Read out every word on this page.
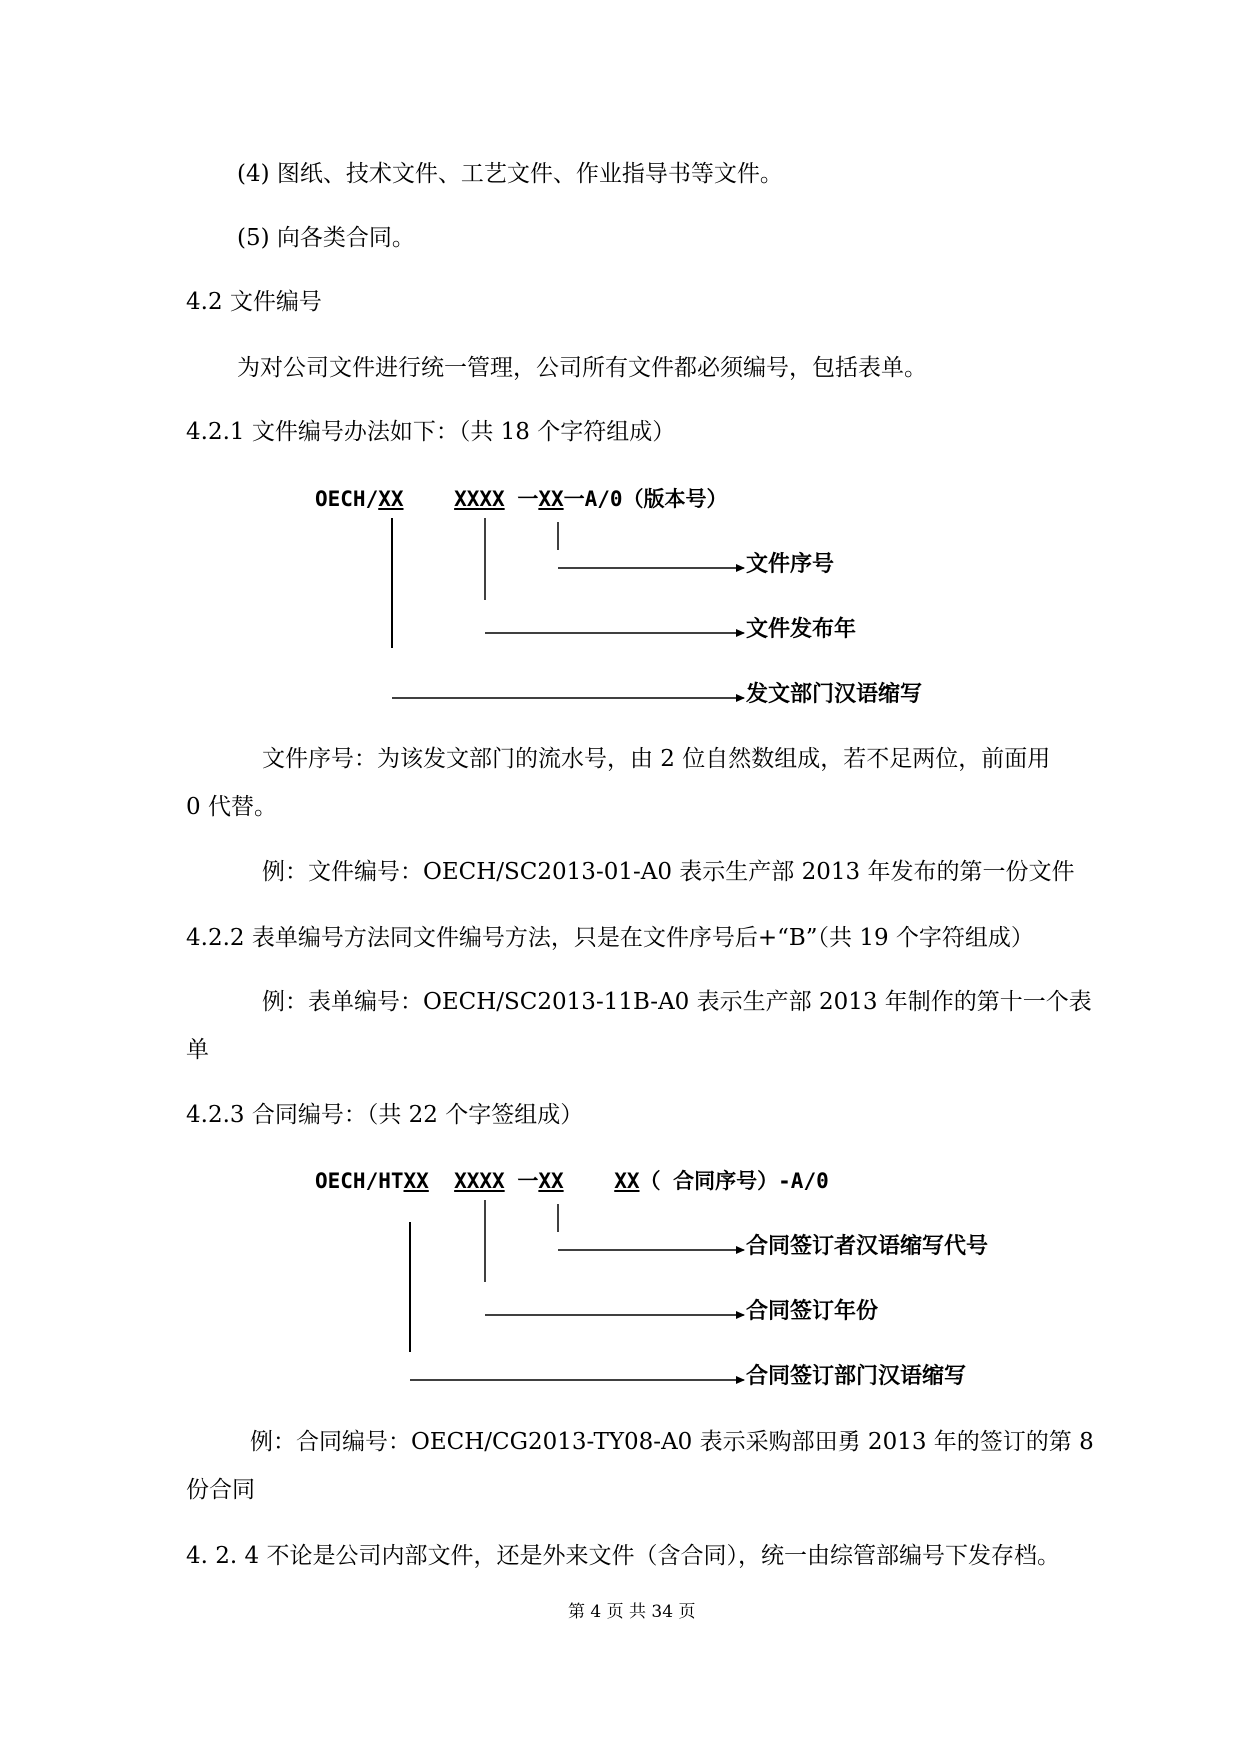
(4) 图纸、技术文件、工艺文件、作业指导书等文件。
(5) 向各类合同。
4.2 文件编号
为对公司文件进行统一管理，公司所有文件都必须编号，包括表单。
4.2.1 文件编号办法如下：（共 18 个字符组成）
OECH/XX XXXX 一XX一A/0（版本号）
文件序号
文件发布年
发文部门汉语缩写
文件序号：为该发文部门的流水号，由 2 位自然数组成，若不足两位，前面用
0 代替。
例：文件编号：OECH/SC2013-01-A0 表示生产部 2013 年发布的第一份文件
4.2.2 表单编号方法同文件编号方法，只是在文件序号后+“B”（共 19 个字符组成）
例：表单编号：OECH/SC2013-11B-A0 表示生产部 2013 年制作的第十一个表
单
4.2.3 合同编号：（共 22 个字签组成）
OECH/HTXX XXXX 一XX XX（ 合同序号）-A/0
合同签订者汉语缩写代号
合同签订年份
合同签订部门汉语缩写
例：合同编号：OECH/CG2013-TY08-A0 表示采购部田勇 2013 年的签订的第 8
份合同
4. 2. 4 不论是公司内部文件，还是外来文件（含合同），统一由综管部编号下发存档。
第 4 页 共 34 页
